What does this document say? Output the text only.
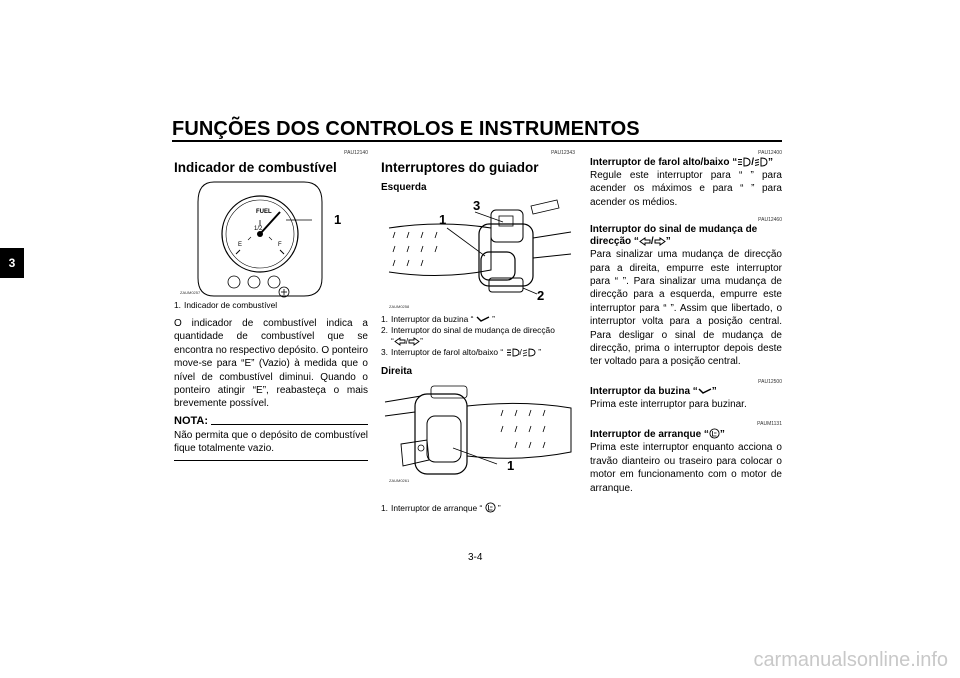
FUNÇÕES DOS CONTROLOS E INSTRUMENTOS
3
PAU12140
Indicador de combustível
FUEL
E
1/2
F
1
ZAUM0257
1. Indicador de combustível
O indicador de combustível indica a quantidade de combustível que se encontra no respectivo depósito. O ponteiro move-se para “E” (Vazio) à medida que o nível de combustível diminui. Quando o ponteiro atingir “E”, reabasteça o mais brevemente possível.
NOTA:
Não permita que o depósito de combustível fique totalmente vazio.
PAU12343
Interruptores do guiador
Esquerda
1
2
3
ZAUM0258
1. Interruptor da buzina “ ”
2. Interruptor do sinal de mudança de direcção
“ / ”
3. Interruptor de farol alto/baixo “ / ”
Direita
1
ZAUM0261
1. Interruptor de arranque “ ”
PAU12400
Interruptor de farol alto/baixo “ / ”
Regule este interruptor para “ ” para acender os máximos e para “ ” para acender os médios.
PAU12460
Interruptor do sinal de mudança de
direcção “ / ”
Para sinalizar uma mudança de direcção para a direita, empurre este interruptor para “ ”. Para sinalizar uma mudança de direcção para a esquerda, empurre este interruptor para “ ”. Assim que libertado, o interruptor volta para a posição central. Para desligar o sinal de mudança de direcção, prima o interruptor depois deste ter voltado para a posição central.
PAU12500
Interruptor da buzina “ ”
Prima este interruptor para buzinar.
PAUM1131
Interruptor de arranque “ ”
Prima este interruptor enquanto acciona o travão dianteiro ou traseiro para colocar o motor em funcionamento com o motor de arranque.
3-4
carmanualsonline.info
